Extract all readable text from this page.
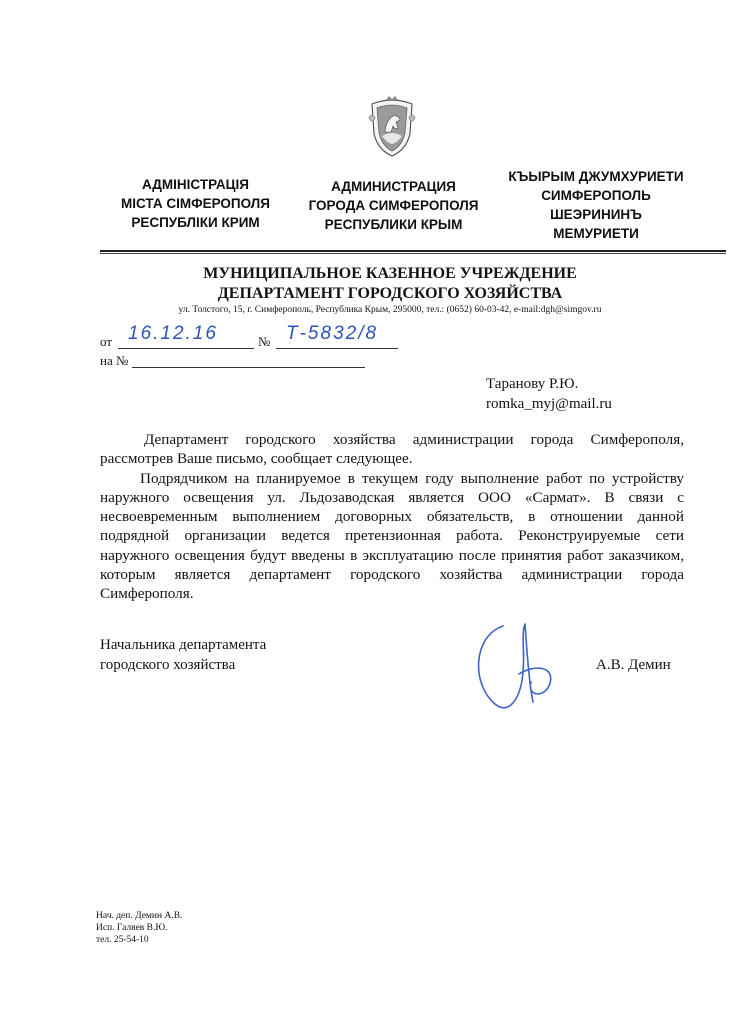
АДМІНІСТРАЦІЯ
МІСТА СІМФЕРОПОЛЯ
РЕСПУБЛІКИ КРИМ
АДМИНИСТРАЦИЯ
ГОРОДА СИМФЕРОПОЛЯ
РЕСПУБЛИКИ КРЫМ
КЪЫРЫМ ДЖУМХУРИЕТИ
СИМФЕРОПОЛЬ
ШЕЭРИНИНЪ
МЕМУРИЕТИ
МУНИЦИПАЛЬНОЕ КАЗЕННОЕ УЧРЕЖДЕНИЕ
ДЕПАРТАМЕНТ ГОРОДСКОГО ХОЗЯЙСТВА
ул. Толстого, 15, г. Симферополь, Республика Крым, 295000, тел.: (0652) 60-03-42, e-mail:dgh@simgov.ru
от 16.12.16	№ Т-5832/8
на №
Таранову Р.Ю.
romka_myj@mail.ru

Департамент городского хозяйства администрации города Симферополя, рассмотрев Ваше письмо, сообщает следующее.

Подрядчиком на планируемое в текущем году выполнение работ по устройству наружного освещения ул. Льдозаводская является ООО «Сармат». В связи с несвоевременным выполнением договорных обязательств, в отношении данной подрядной организации ведется претензионная работа. Реконструируемые сети наружного освещения будут введены в эксплуатацию после принятия работ заказчиком, которым является департамент городского хозяйства администрации города Симферополя.

Начальника департамента
городского хозяйства	А.В. Демин
Нач. деп. Демин А.В.
Исп. Галяев В.Ю.
тел. 25-54-10
